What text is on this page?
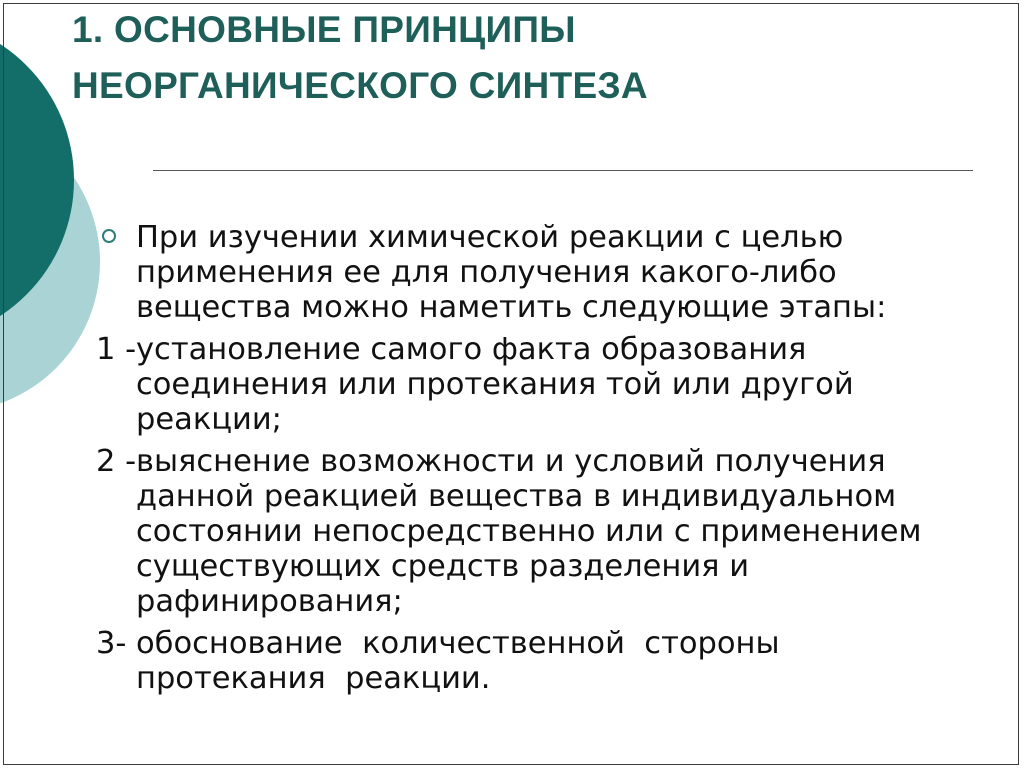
1. ОСНОВНЫЕ ПРИНЦИПЫ
НЕОРГАНИЧЕСКОГО СИНТЕЗА
При изучении химической реакции с целью
применения ее для получения какого-либо
вещества можно наметить следующие этапы:
1 - установление самого факта образования
соединения или протекания той или другой
реакции;
2 - выяснение возможности и условий получения
данной реакцией вещества в индивидуальном
состоянии непосредственно или с применением
существующих средств разделения и
рафинирования;
3- обоснование  количественной  стороны
протекания  реакции.
